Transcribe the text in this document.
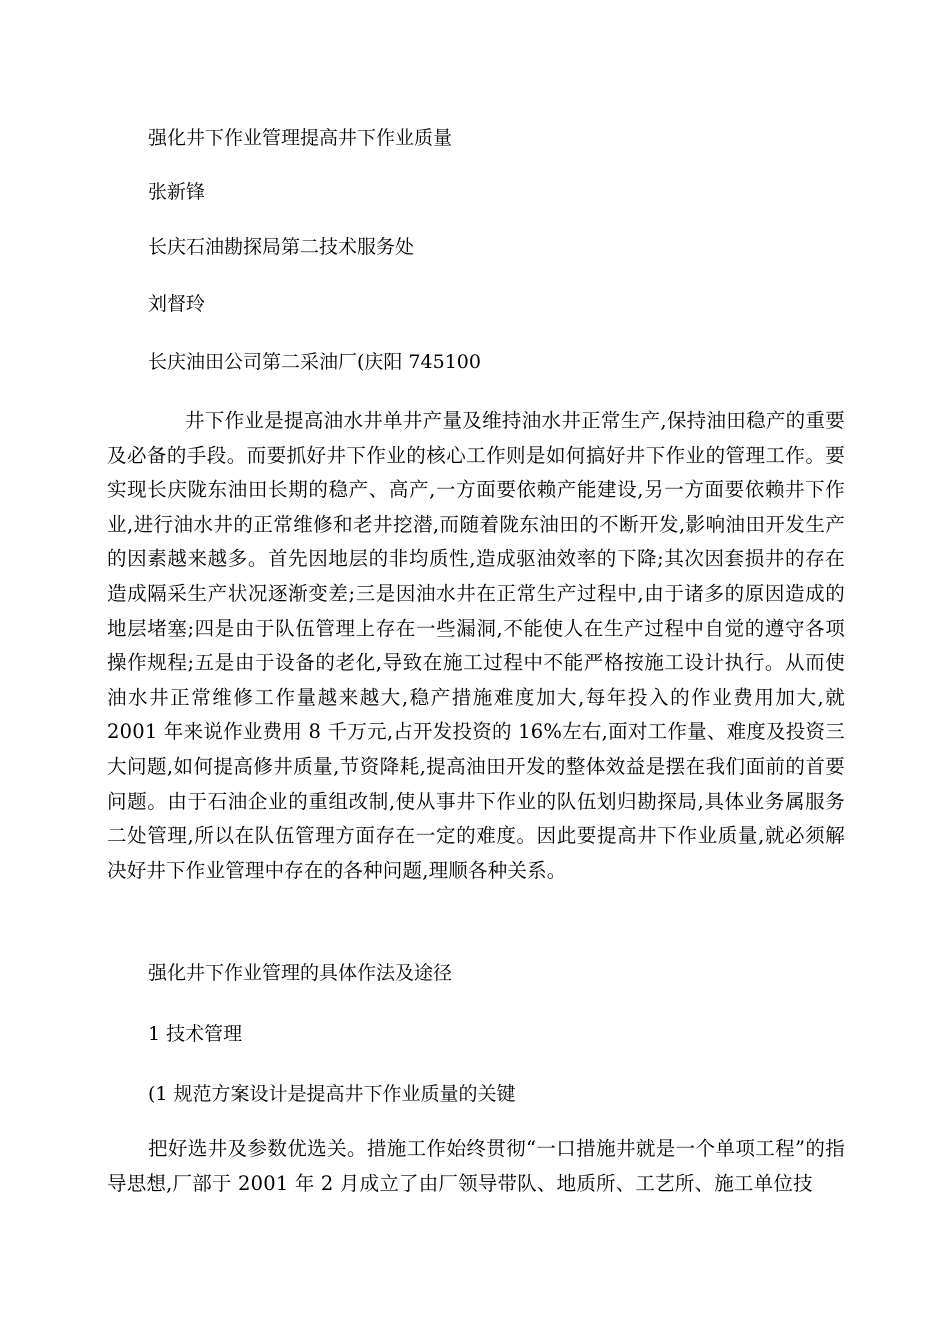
强化井下作业管理提高井下作业质量
张新锋
长庆石油勘探局第二技术服务处
刘督玲
长庆油田公司第二采油厂(庆阳 745100
井下作业是提高油水井单井产量及维持油水井正常生产,保持油田稳产的重要及必备的手段。而要抓好井下作业的核心工作则是如何搞好井下作业的管理工作。要实现长庆陇东油田长期的稳产、高产,一方面要依赖产能建设,另一方面要依赖井下作业,进行油水井的正常维修和老井挖潜,而随着陇东油田的不断开发,影响油田开发生产的因素越来越多。首先因地层的非均质性,造成驱油效率的下降;其次因套损井的存在造成隔采生产状况逐渐变差;三是因油水井在正常生产过程中,由于诸多的原因造成的地层堵塞;四是由于队伍管理上存在一些漏洞,不能使人在生产过程中自觉的遵守各项操作规程;五是由于设备的老化,导致在施工过程中不能严格按施工设计执行。从而使油水井正常维修工作量越来越大,稳产措施难度加大,每年投入的作业费用加大,就 2001 年来说作业费用 8 千万元,占开发投资的 16%左右,面对工作量、难度及投资三大问题,如何提高修井质量,节资降耗,提高油田开发的整体效益是摆在我们面前的首要问题。由于石油企业的重组改制,使从事井下作业的队伍划归勘探局,具体业务属服务二处管理,所以在队伍管理方面存在一定的难度。因此要提高井下作业质量,就必须解决好井下作业管理中存在的各种问题,理顺各种关系。
强化井下作业管理的具体作法及途径
1 技术管理
(1 规范方案设计是提高井下作业质量的关键
把好选井及参数优选关。措施工作始终贯彻“一口措施井就是一个单项工程”的指导思想,厂部于 2001 年 2 月成立了由厂领导带队、地质所、工艺所、施工单位技
